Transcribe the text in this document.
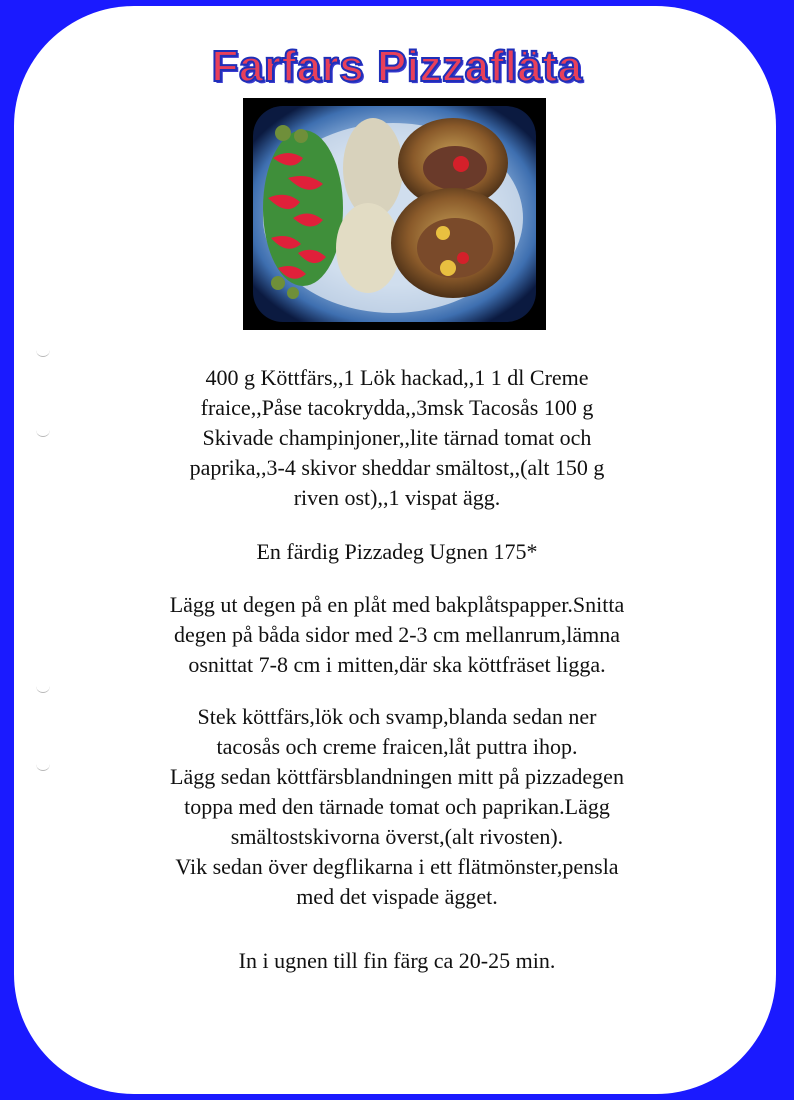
Farfars Pizzafläta
400 g Köttfärs,,1 Lök hackad,,1 1 dl Creme
fraice,,Påse tacokrydda,,3msk Tacosås 100 g
Skivade champinjoner,,lite tärnad tomat och
paprika,,3-4 skivor sheddar smältost,,(alt 150 g
riven ost),,1 vispat ägg.
En färdig Pizzadeg Ugnen 175*
Lägg ut degen på en plåt med bakplåtspapper.Snitta
degen på båda sidor med 2-3 cm mellanrum,lämna
osnittat 7-8 cm i mitten,där ska köttfräset ligga.
Stek köttfärs,lök och svamp,blanda sedan ner
tacosås och creme fraicen,låt puttra ihop.
Lägg sedan köttfärsblandningen mitt på pizzadegen
toppa med den tärnade tomat och paprikan.Lägg
smältostskivorna överst,(alt rivosten).
Vik sedan över degflikarna i ett flätmönster,pensla
med det vispade ägget.
In i ugnen till fin färg ca 20-25 min.
